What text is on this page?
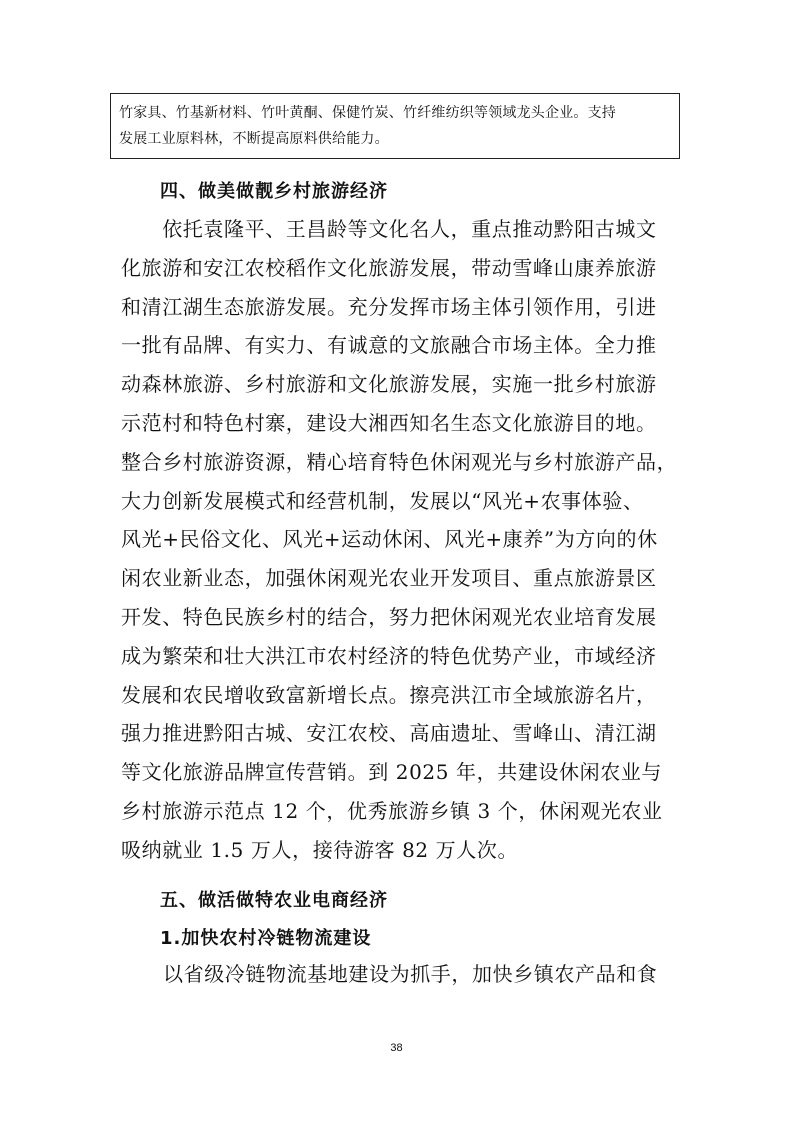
竹家具、竹基新材料、竹叶黄酮、保健竹炭、竹纤维纺织等领域龙头企业。支持

发展工业原料林，不断提高原料供给能力。

四、做美做靓乡村旅游经济

　　依托袁隆平、王昌龄等文化名人，重点推动黔阳古城文

化旅游和安江农校稻作文化旅游发展，带动雪峰山康养旅游

和清江湖生态旅游发展。充分发挥市场主体引领作用，引进

一批有品牌、有实力、有诚意的文旅融合市场主体。全力推

动森林旅游、乡村旅游和文化旅游发展，实施一批乡村旅游

示范村和特色村寨，建设大湘西知名生态文化旅游目的地。

整合乡村旅游资源，精心培育特色休闲观光与乡村旅游产品，

大力创新发展模式和经营机制，发展以“风光+农事体验、

风光+民俗文化、风光+运动休闲、风光+康养”为方向的休

闲农业新业态，加强休闲观光农业开发项目、重点旅游景区

开发、特色民族乡村的结合，努力把休闲观光农业培育发展

成为繁荣和壮大洪江市农村经济的特色优势产业，市域经济

发展和农民增收致富新增长点。擦亮洪江市全域旅游名片，

强力推进黔阳古城、安江农校、高庙遗址、雪峰山、清江湖

等文化旅游品牌宣传营销。到 2025 年，共建设休闲农业与

乡村旅游示范点 12 个，优秀旅游乡镇 3 个，休闲观光农业

吸纳就业 1.5 万人，接待游客 82 万人次。

五、做活做特农业电商经济
1.加快农村冷链物流建设
以省级冷链物流基地建设为抓手，加快乡镇农产品和食
38
